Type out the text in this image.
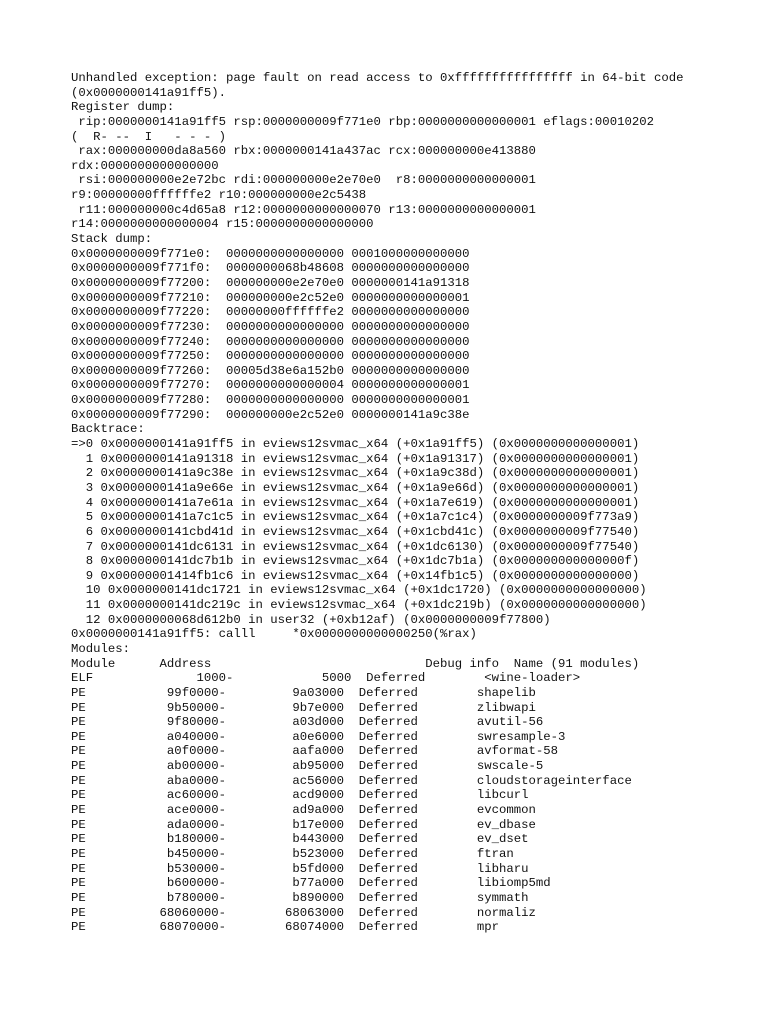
Unhandled exception: page fault on read access to 0xffffffffffffffff in 64-bit code
(0x0000000141a91ff5).
Register dump:
rip:0000000141a91ff5 rsp:0000000009f771e0 rbp:0000000000000001 eflags:00010202
(  R- --  I   - - - )
rax:000000000da8a560 rbx:0000000141a437ac rcx:000000000e413880
rdx:0000000000000000
rsi:000000000e2e72bc rdi:000000000e2e70e0  r8:0000000000000001
r9:00000000ffffffe2 r10:000000000e2c5438
r11:000000000c4d65a8 r12:0000000000000070 r13:0000000000000001
r14:0000000000000004 r15:0000000000000000
Stack dump:
0x0000000009f771e0:  0000000000000000 0001000000000000
0x0000000009f771f0:  0000000068b48608 0000000000000000
0x0000000009f77200:  000000000e2e70e0 0000000141a91318
0x0000000009f77210:  000000000e2c52e0 0000000000000001
0x0000000009f77220:  00000000ffffffe2 0000000000000000
0x0000000009f77230:  0000000000000000 0000000000000000
0x0000000009f77240:  0000000000000000 0000000000000000
0x0000000009f77250:  0000000000000000 0000000000000000
0x0000000009f77260:  00005d38e6a152b0 0000000000000000
0x0000000009f77270:  0000000000000004 0000000000000001
0x0000000009f77280:  0000000000000000 0000000000000001
0x0000000009f77290:  000000000e2c52e0 0000000141a9c38e
Backtrace:
=>0 0x0000000141a91ff5 in eviews12svmac_x64 (+0x1a91ff5) (0x0000000000000001)
1 0x0000000141a91318 in eviews12svmac_x64 (+0x1a91317) (0x0000000000000001)
2 0x0000000141a9c38e in eviews12svmac_x64 (+0x1a9c38d) (0x0000000000000001)
3 0x0000000141a9e66e in eviews12svmac_x64 (+0x1a9e66d) (0x0000000000000001)
4 0x0000000141a7e61a in eviews12svmac_x64 (+0x1a7e619) (0x0000000000000001)
5 0x0000000141a7c1c5 in eviews12svmac_x64 (+0x1a7c1c4) (0x0000000009f773a9)
6 0x0000000141cbd41d in eviews12svmac_x64 (+0x1cbd41c) (0x0000000009f77540)
7 0x0000000141dc6131 in eviews12svmac_x64 (+0x1dc6130) (0x0000000009f77540)
8 0x0000000141dc7b1b in eviews12svmac_x64 (+0x1dc7b1a) (0x000000000000000f)
9 0x00000001414fb1c6 in eviews12svmac_x64 (+0x14fb1c5) (0x0000000000000000)
10 0x0000000141dc1721 in eviews12svmac_x64 (+0x1dc1720) (0x0000000000000000)
11 0x0000000141dc219c in eviews12svmac_x64 (+0x1dc219b) (0x0000000000000000)
12 0x0000000068d612b0 in user32 (+0xb12af) (0x0000000009f77800)
0x0000000141a91ff5: calll     *0x0000000000000250(%rax)
Modules:
Module      Address                             Debug info  Name (91 modules)
ELF              1000-            5000  Deferred        <wine-loader>
PE           99f0000-         9a03000  Deferred        shapelib
PE           9b50000-         9b7e000  Deferred        zlibwapi
PE           9f80000-         a03d000  Deferred        avutil-56
PE           a040000-         a0e6000  Deferred        swresample-3
PE           a0f0000-         aafa000  Deferred        avformat-58
PE           ab00000-         ab95000  Deferred        swscale-5
PE           aba0000-         ac56000  Deferred        cloudstorageinterface
PE           ac60000-         acd9000  Deferred        libcurl
PE           ace0000-         ad9a000  Deferred        evcommon
PE           ada0000-         b17e000  Deferred        ev_dbase
PE           b180000-         b443000  Deferred        ev_dset
PE           b450000-         b523000  Deferred        ftran
PE           b530000-         b5fd000  Deferred        libharu
PE           b600000-         b77a000  Deferred        libiomp5md
PE           b780000-         b890000  Deferred        symmath
PE          68060000-        68063000  Deferred        normaliz
PE          68070000-        68074000  Deferred        mpr
